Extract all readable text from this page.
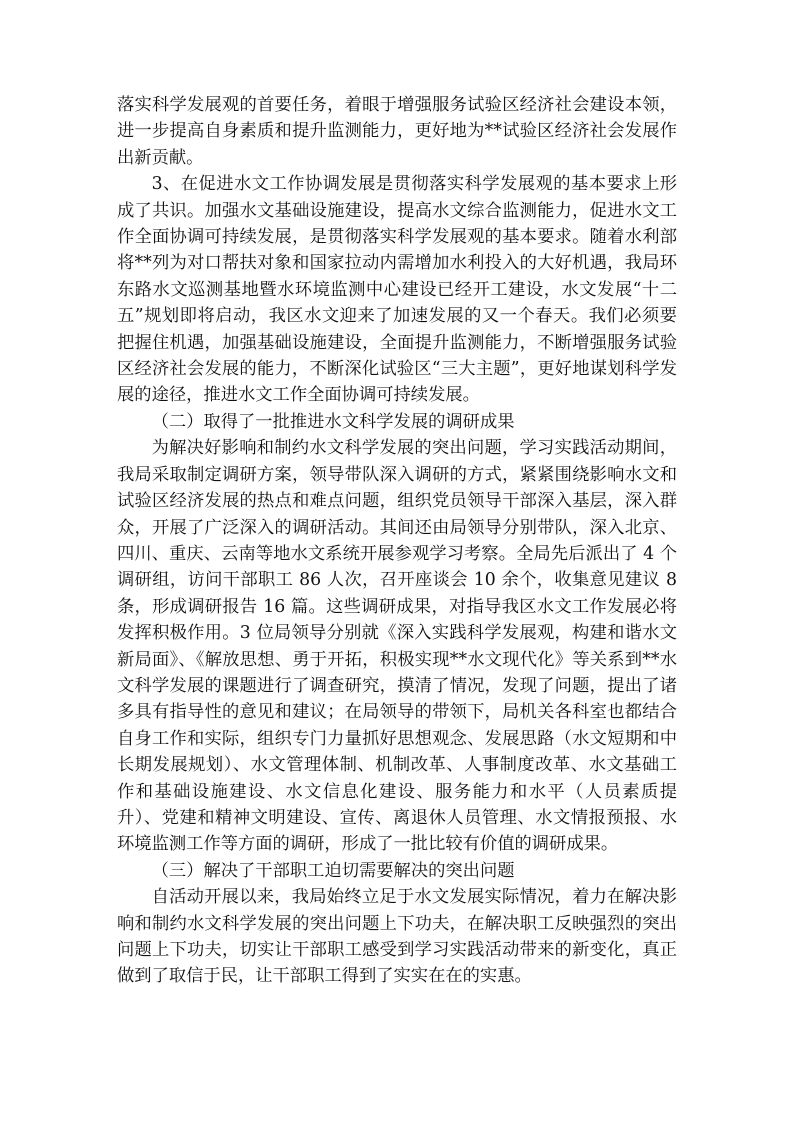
落实科学发展观的首要任务，着眼于增强服务试验区经济社会建设本领，进一步提高自身素质和提升监测能力，更好地为**试验区经济社会发展作出新贡献。

3、在促进水文工作协调发展是贯彻落实科学发展观的基本要求上形成了共识。加强水文基础设施建设，提高水文综合监测能力，促进水文工作全面协调可持续发展，是贯彻落实科学发展观的基本要求。随着水利部将**列为对口帮扶对象和国家拉动内需增加水利投入的大好机遇，我局环东路水文巡测基地暨水环境监测中心建设已经开工建设，水文发展“十二五”规划即将启动，我区水文迎来了加速发展的又一个春天。我们必须要把握住机遇，加强基础设施建设，全面提升监测能力，不断增强服务试验区经济社会发展的能力，不断深化试验区“三大主题”，更好地谋划科学发展的途径，推进水文工作全面协调可持续发展。

（二）取得了一批推进水文科学发展的调研成果

为解决好影响和制约水文科学发展的突出问题，学习实践活动期间，我局采取制定调研方案，领导带队深入调研的方式，紧紧围绕影响水文和试验区经济发展的热点和难点问题，组织党员领导干部深入基层，深入群众，开展了广泛深入的调研活动。其间还由局领导分别带队，深入北京、四川、重庆、云南等地水文系统开展参观学习考察。全局先后派出了 4 个调研组，访问干部职工 86 人次，召开座谈会 10 余个，收集意见建议 8 条，形成调研报告 16 篇。这些调研成果，对指导我区水文工作发展必将发挥积极作用。3 位局领导分别就《深入实践科学发展观，构建和谐水文新局面》、《解放思想、勇于开拓，积极实现**水文现代化》等关系到**水文科学发展的课题进行了调查研究，摸清了情况，发现了问题，提出了诸多具有指导性的意见和建议；在局领导的带领下，局机关各科室也都结合自身工作和实际，组织专门力量抓好思想观念、发展思路（水文短期和中长期发展规划）、水文管理体制、机制改革、人事制度改革、水文基础工作和基础设施建设、水文信息化建设、服务能力和水平（人员素质提升）、党建和精神文明建设、宣传、离退休人员管理、水文情报预报、水环境监测工作等方面的调研，形成了一批比较有价值的调研成果。

（三）解决了干部职工迫切需要解决的突出问题

自活动开展以来，我局始终立足于水文发展实际情况，着力在解决影响和制约水文科学发展的突出问题上下功夫，在解决职工反映强烈的突出问题上下功夫，切实让干部职工感受到学习实践活动带来的新变化，真正做到了取信于民，让干部职工得到了实实在在的实惠。
